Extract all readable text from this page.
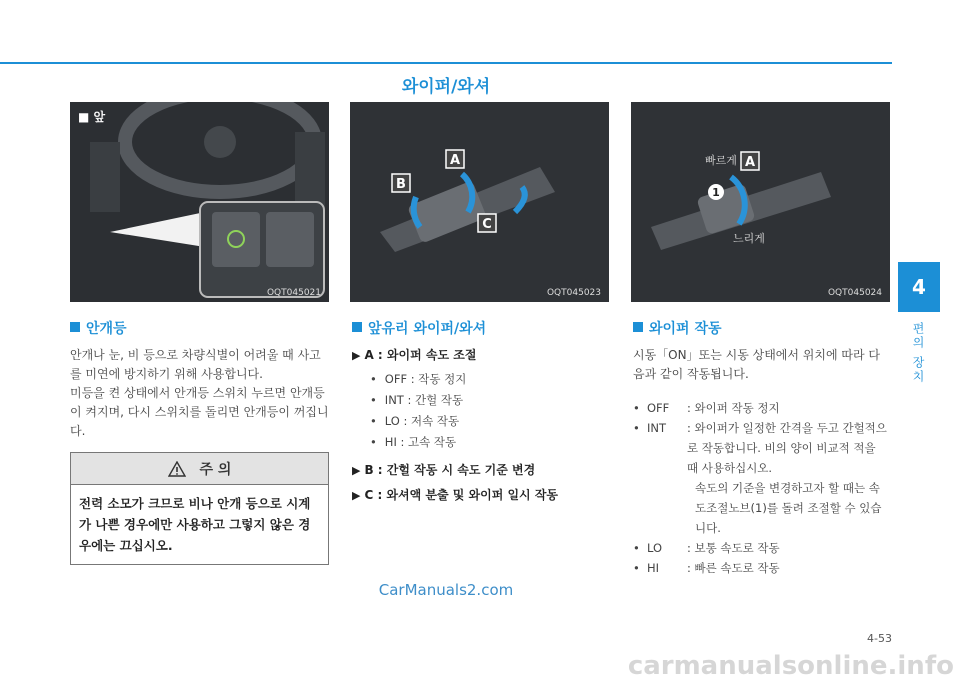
와이퍼/와셔
4
편의 장치
■ 앞
OQT045021
A
B
C
OQT045023
1
A
빠르게
느리게
OQT045024
안개등
안개나 눈, 비 등으로 차량식별이 어려울 때 사고를 미연에 방지하기 위해 사용합니다.
미등을 켠 상태에서 안개등 스위치 누르면 안개등이 켜지며, 다시 스위치를 돌리면 안개등이 꺼집니다.
주 의
전력 소모가 크므로 비나 안개 등으로 시계가 나쁜 경우에만 사용하고 그렇지 않은 경우에는 끄십시오.
앞유리 와이퍼/와셔
▶ A : 와이퍼 속도 조절
• OFF : 작동 정지
• INT : 간헐 작동
• LO : 저속 작동
• HI : 고속 작동
▶ B : 간헐 작동 시 속도 기준 변경
▶ C : 와셔액 분출 및 와이퍼 일시 작동
와이퍼 작동
시동「ON」또는 시동 상태에서 위치에 따라 다음과 같이 작동됩니다.
• OFF	: 와이퍼 작동 정지
• INT	: 와이퍼가 일정한 간격을 두고 간헐적으로 작동합니다. 비의 양이 비교적 적을 때 사용하십시오.
속도의 기준을 변경하고자 할 때는 속도조절노브(1)를 돌려 조절할 수 있습니다.
• LO	: 보통 속도로 작동
• HI	: 빠른 속도로 작동
CarManuals2.com
4-53
carmanualsonline.info
